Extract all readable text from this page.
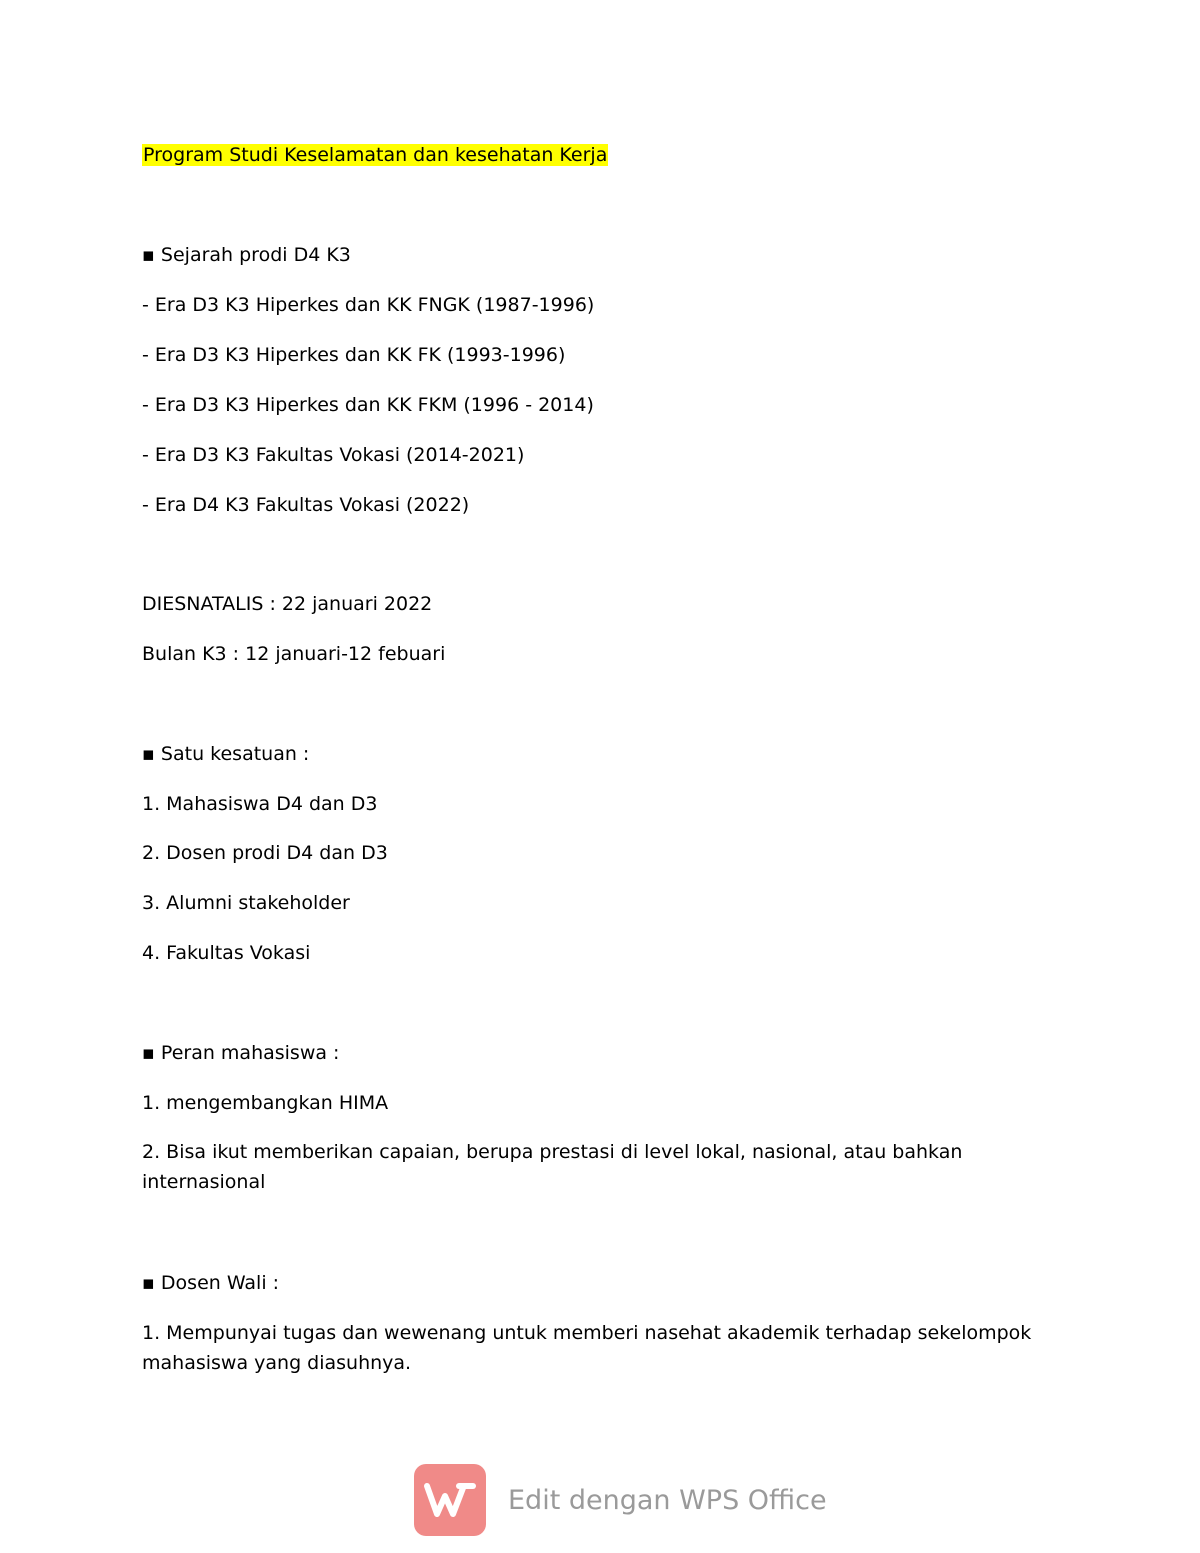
Program Studi Keselamatan dan kesehatan Kerja
▪ Sejarah prodi D4 K3
- Era D3 K3 Hiperkes dan KK FNGK (1987-1996)
- Era D3 K3 Hiperkes dan KK FK (1993-1996)
- Era D3 K3 Hiperkes dan KK FKM (1996 - 2014)
- Era D3 K3 Fakultas Vokasi (2014-2021)
- Era D4 K3 Fakultas Vokasi (2022)
DIESNATALIS : 22 januari 2022
Bulan K3 : 12 januari-12 febuari
▪ Satu kesatuan :
1. Mahasiswa D4 dan D3
2. Dosen prodi D4 dan D3
3. Alumni stakeholder
4. Fakultas Vokasi
▪ Peran mahasiswa :
1. mengembangkan HIMA
2. Bisa ikut memberikan capaian, berupa prestasi di level lokal, nasional, atau bahkan internasional
▪ Dosen Wali :
1. Mempunyai tugas dan wewenang untuk memberi nasehat akademik terhadap sekelompok mahasiswa yang diasuhnya.
Edit dengan WPS Office
